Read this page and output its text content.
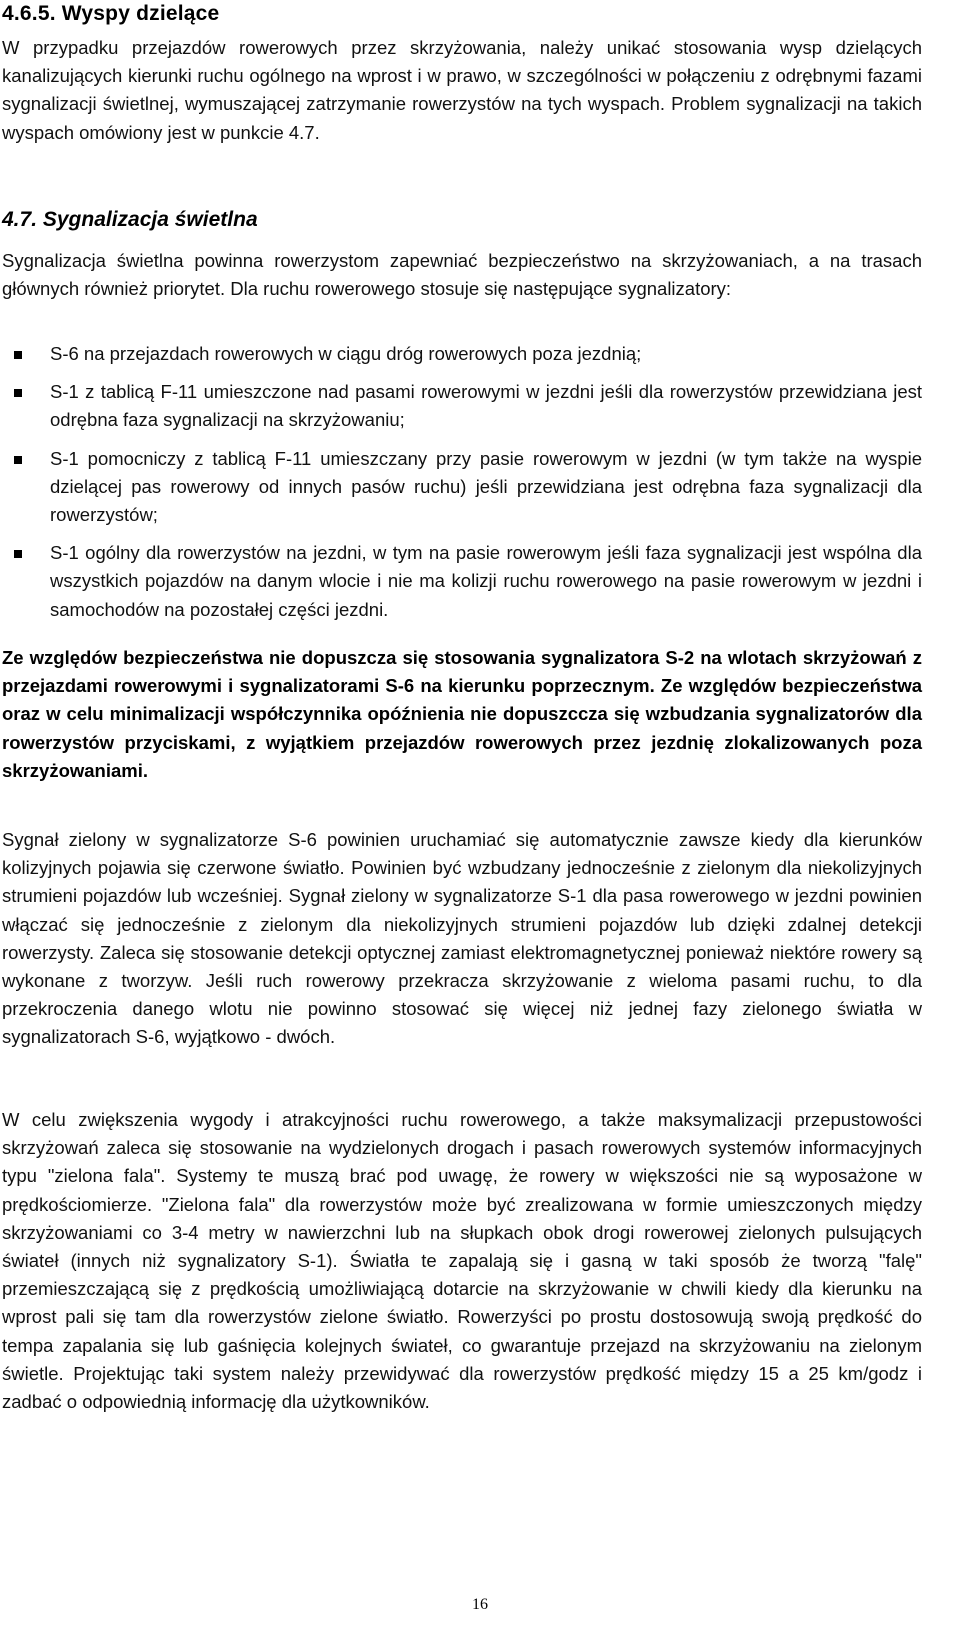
4.6.5. Wyspy dzielące

W przypadku przejazdów rowerowych przez skrzyżowania, należy unikać stosowania wysp dzielących kanalizujących kierunki ruchu ogólnego na wprost i w prawo, w szczególności w połączeniu z odrębnymi fazami sygnalizacji świetlnej, wymuszającej zatrzymanie rowerzystów na tych wyspach. Problem sygnalizacji na takich wyspach omówiony jest w punkcie 4.7.

4.7. Sygnalizacja świetlna

Sygnalizacja świetlna powinna rowerzystom zapewniać bezpieczeństwo na skrzyżowaniach, a na trasach głównych również priorytet. Dla ruchu rowerowego stosuje się następujące sygnalizatory:

S-6 na przejazdach rowerowych w ciągu dróg rowerowych poza jezdnią;
S-1 z tablicą F-11 umieszczone nad pasami rowerowymi w jezdni jeśli dla rowerzystów przewidziana jest odrębna faza sygnalizacji na skrzyżowaniu;
S-1 pomocniczy z tablicą F-11 umieszczany przy pasie rowerowym w jezdni (w tym także na wyspie dzielącej pas rowerowy od innych pasów ruchu) jeśli przewidziana jest odrębna faza sygnalizacji dla rowerzystów;
S-1 ogólny dla rowerzystów na jezdni, w tym na pasie rowerowym jeśli faza sygnalizacji jest wspólna dla wszystkich pojazdów na danym wlocie i nie ma kolizji ruchu rowerowego na pasie rowerowym w jezdni i samochodów na pozostałej części jezdni.

Ze względów bezpieczeństwa nie dopuszcza się stosowania sygnalizatora S-2 na wlotach skrzyżowań z przejazdami rowerowymi i sygnalizatorami S-6 na kierunku poprzecznym. Ze względów bezpieczeństwa oraz w celu minimalizacji współczynnika opóźnienia nie dopuszcczа się wzbudzania sygnalizatorów dla rowerzystów przyciskami, z wyjątkiem przejazdów rowerowych przez jezdnię zlokalizowanych poza skrzyżowaniami.

Sygnał zielony w sygnalizatorze S-6 powinien uruchamiać się automatycznie zawsze kiedy dla kierunków kolizyjnych pojawia się czerwone światło. Powinien być wzbudzany jednocześnie z zielonym dla niekolizyjnych strumieni pojazdów lub wcześniej. Sygnał zielony w sygnalizatorze S-1 dla pasa rowerowego w jezdni powinien włączać się jednocześnie z zielonym dla niekolizyjnych strumieni pojazdów lub dzięki zdalnej detekcji rowerzysty. Zaleca się stosowanie detekcji optycznej zamiast elektromagnetycznej ponieważ niektóre rowery są wykonane z tworzyw. Jeśli ruch rowerowy przekracza skrzyżowanie z wieloma pasami ruchu, to dla przekroczenia danego wlotu nie powinno stosować się więcej niż jednej fazy zielonego światła w sygnalizatorach S-6, wyjątkowo - dwóch.

W celu zwiększenia wygody i atrakcyjności ruchu rowerowego, a także maksymalizacji przepustowości skrzyżowań zaleca się stosowanie na wydzielonych drogach i pasach rowerowych systemów informacyjnych typu "zielona fala". Systemy te muszą brać pod uwagę, że rowery w większości nie są wyposażone w prędkościomierze. "Zielona fala" dla rowerzystów może być zrealizowana w formie umieszczonych między skrzyżowaniami co 3-4 metry w nawierzchni lub na słupkach obok drogi rowerowej zielonych pulsujących świateł (innych niż sygnalizatory S-1). Światła te zapalają się i gasną w taki sposób że tworzą "falę" przemieszczającą się z prędkością umożliwiającą dotarcie na skrzyżowanie w chwili kiedy dla kierunku na wprost pali się tam dla rowerzystów zielone światło. Rowerzyści po prostu dostosowują swoją prędkość do tempa zapalania się lub gaśnięcia kolejnych świateł, co gwarantuje przejazd na skrzyżowaniu na zielonym świetle. Projektując taki system należy przewidywać dla rowerzystów prędkość między 15 a 25 km/godz i zadbać o odpowiednią informację dla użytkowników.

16
